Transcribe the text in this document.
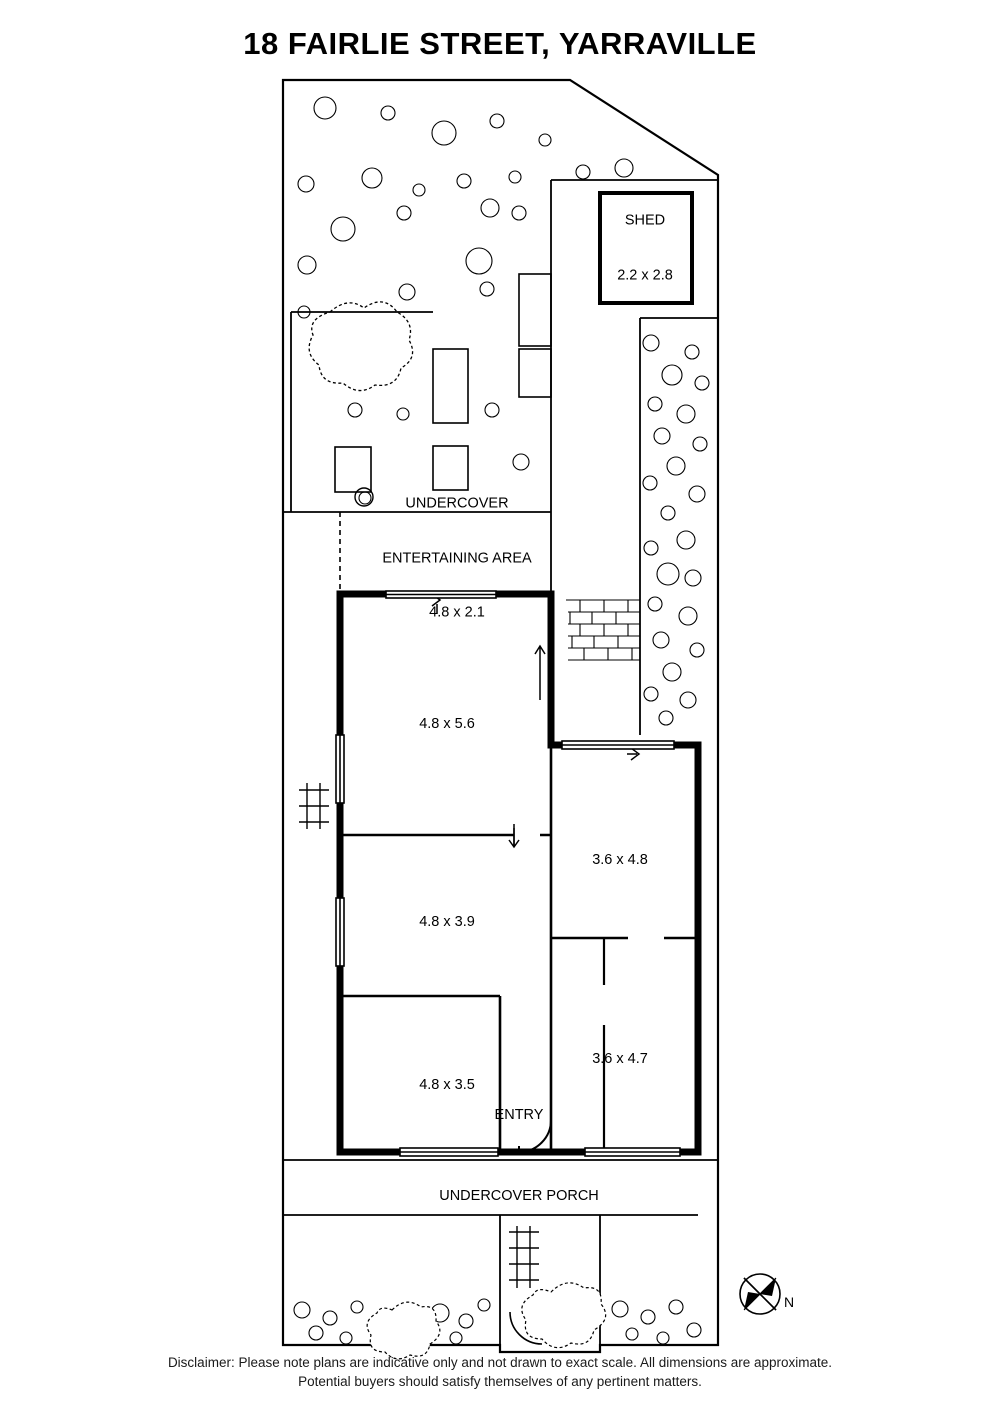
18 FAIRLIE STREET, YARRAVILLE

SHED

2.2 x 2.8

UNDERCOVER

ENTERTAINING AREA

4.8 x 2.1

4.8 x 5.6

3.6 x 4.8

4.8 x 3.9

3.6 x 4.7

4.8 x 3.5

ENTRY

UNDERCOVER PORCH

N

Disclaimer: Please note plans are indicative only and not drawn to exact scale. All dimensions are approximate.
Potential buyers should satisfy themselves of any pertinent matters.
